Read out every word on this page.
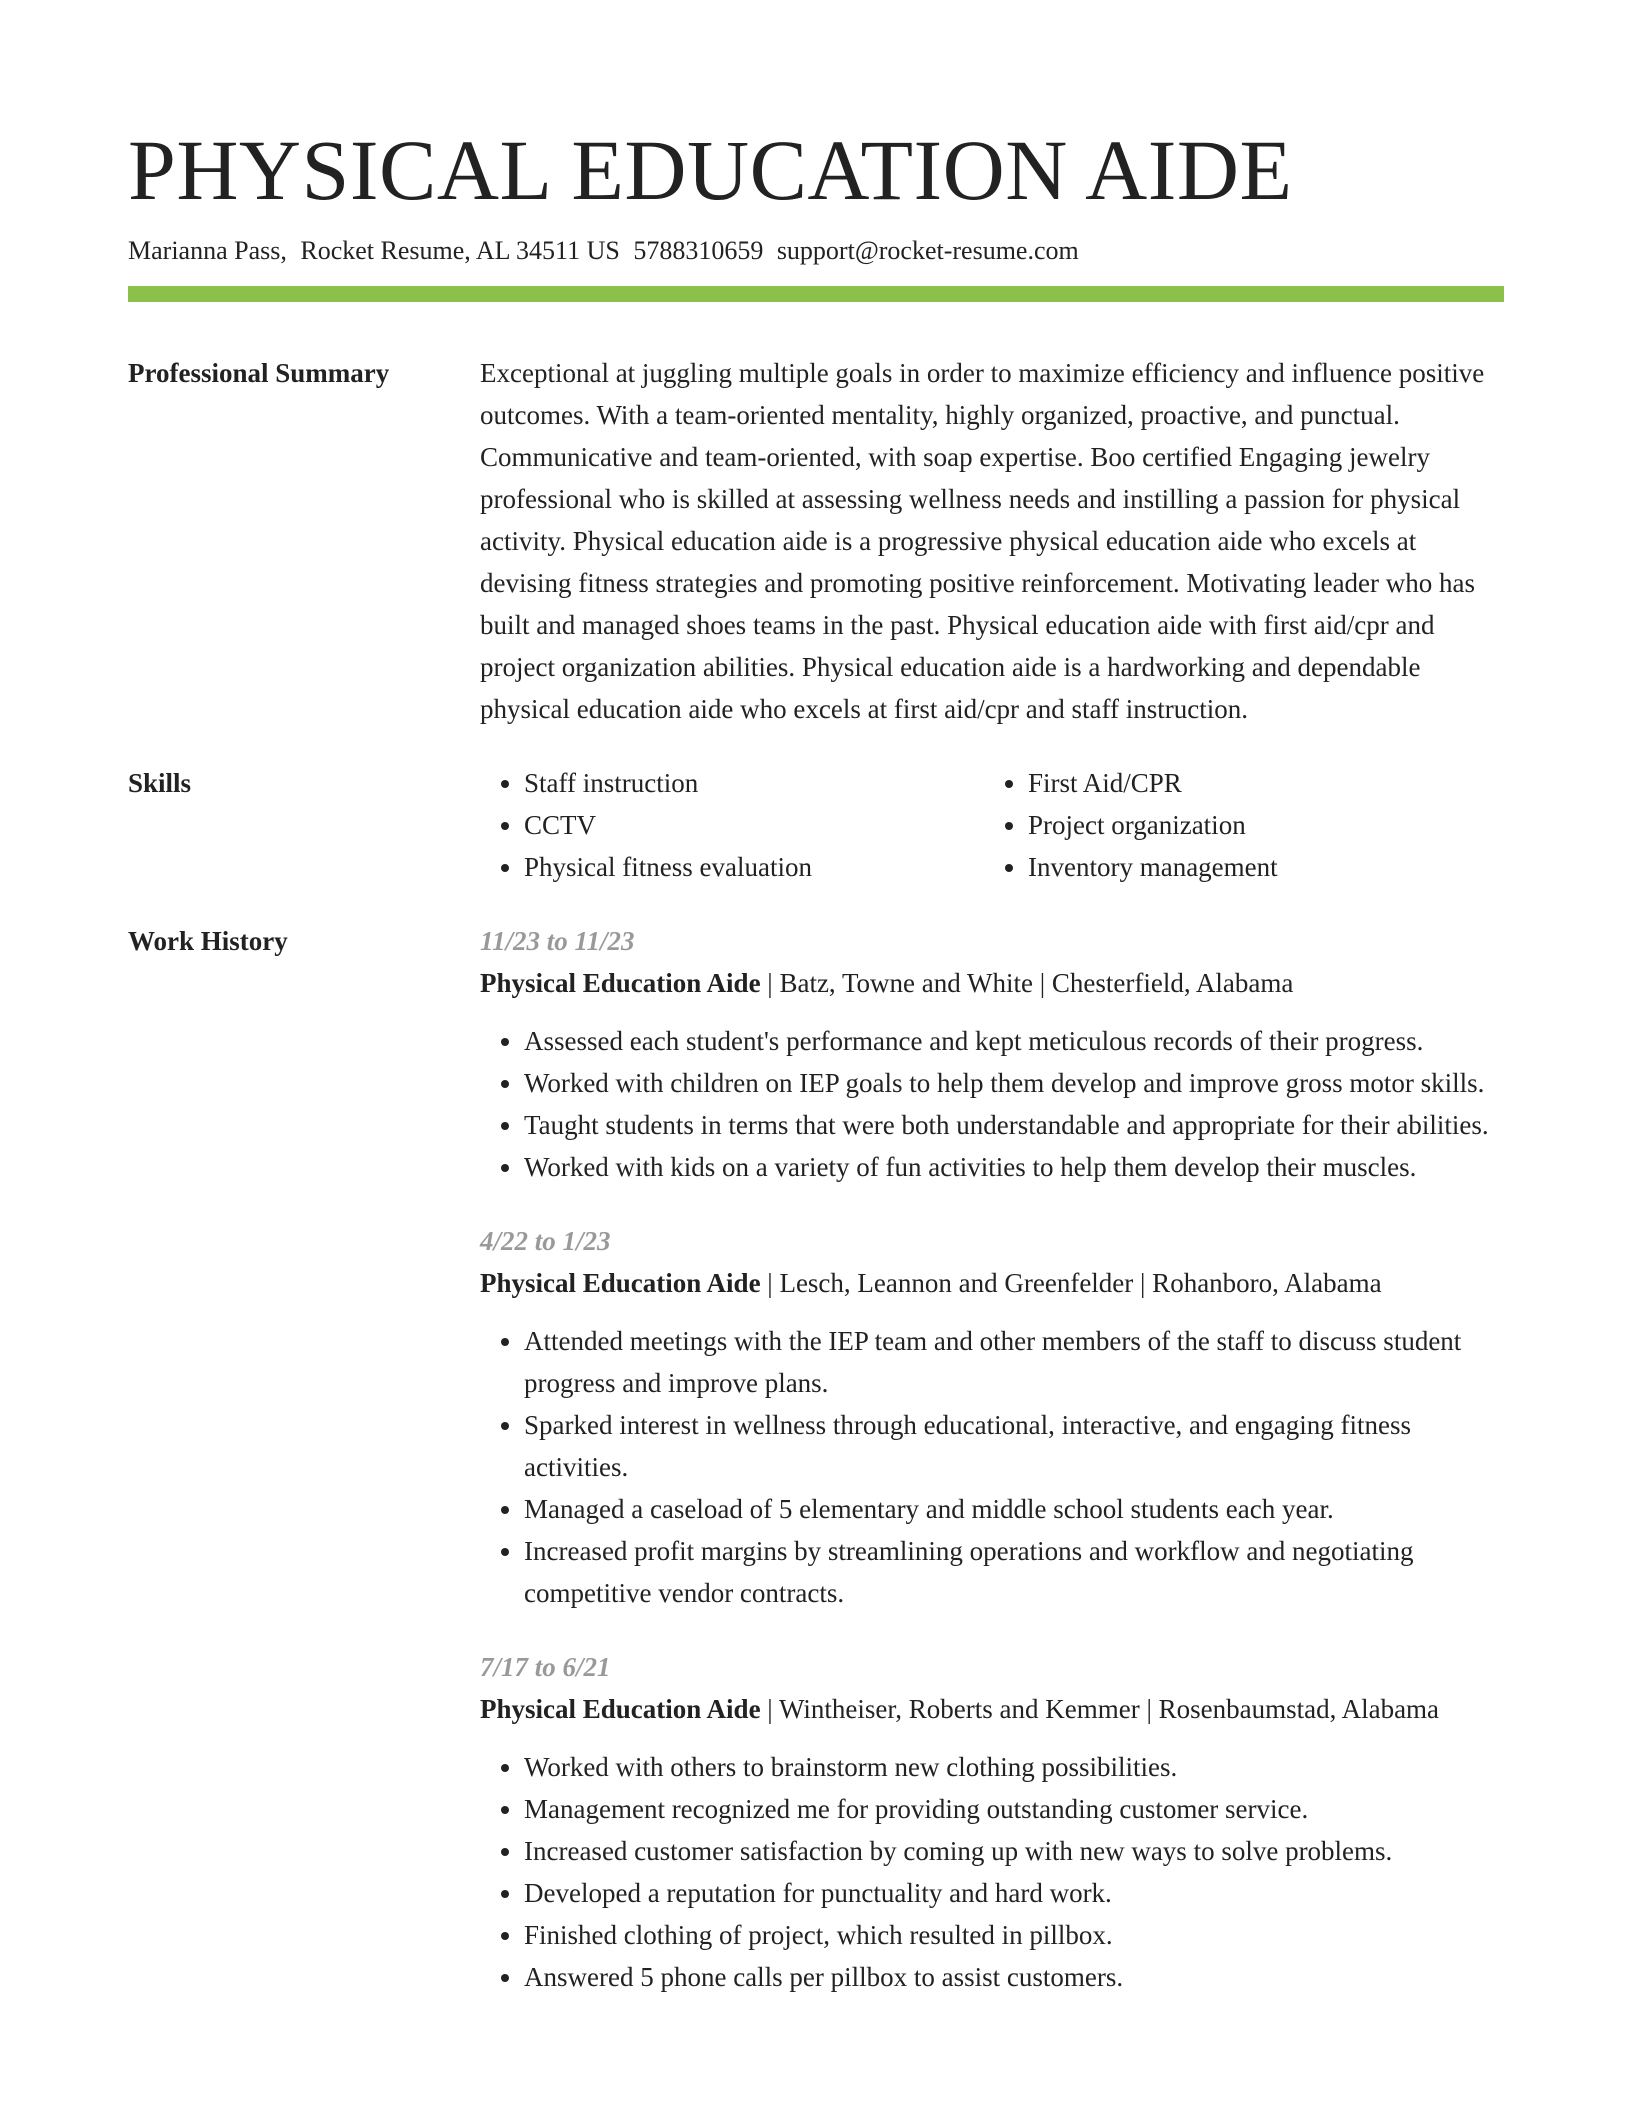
PHYSICAL EDUCATION AIDE
Marianna Pass, Rocket Resume, AL 34511 US 5788310659 support@rocket-resume.com
Professional Summary	Exceptional at juggling multiple goals in order to maximize efficiency and influence positive outcomes. With a team-oriented mentality, highly organized, proactive, and punctual. Communicative and team-oriented, with soap expertise. Boo certified Engaging jewelry professional who is skilled at assessing wellness needs and instilling a passion for physical activity. Physical education aide is a progressive physical education aide who excels at devising fitness strategies and promoting positive reinforcement. Motivating leader who has built and managed shoes teams in the past. Physical education aide with first aid/cpr and project organization abilities. Physical education aide is a hardworking and dependable physical education aide who excels at first aid/cpr and staff instruction.

Skills
•	Staff instruction
• CCTV
• Physical fitness evaluation
• First Aid/CPR
• Project organization
• Inventory management
Work History	11/23 to 11/23
Physical Education Aide | Batz, Towne and White | Chesterfield, Alabama
• Assessed each student's performance and kept meticulous records of their progress.
• Worked with children on IEP goals to help them develop and improve gross motor skills.
• Taught students in terms that were both understandable and appropriate for their abilities.
• Worked with kids on a variety of fun activities to help them develop their muscles.
4/22 to 1/23
Physical Education Aide | Lesch, Leannon and Greenfelder | Rohanboro, Alabama
• Attended meetings with the IEP team and other members of the staff to discuss student progress and improve plans.
• Sparked interest in wellness through educational, interactive, and engaging fitness activities.
• Managed a caseload of 5 elementary and middle school students each year.
• Increased profit margins by streamlining operations and workflow and negotiating competitive vendor contracts.
7/17 to 6/21
Physical Education Aide | Wintheiser, Roberts and Kemmer | Rosenbaumstad, Alabama
• Worked with others to brainstorm new clothing possibilities.
• Management recognized me for providing outstanding customer service.
• Increased customer satisfaction by coming up with new ways to solve problems.
• Developed a reputation for punctuality and hard work.
• Finished clothing of project, which resulted in pillbox.
• Answered 5 phone calls per pillbox to assist customers.
